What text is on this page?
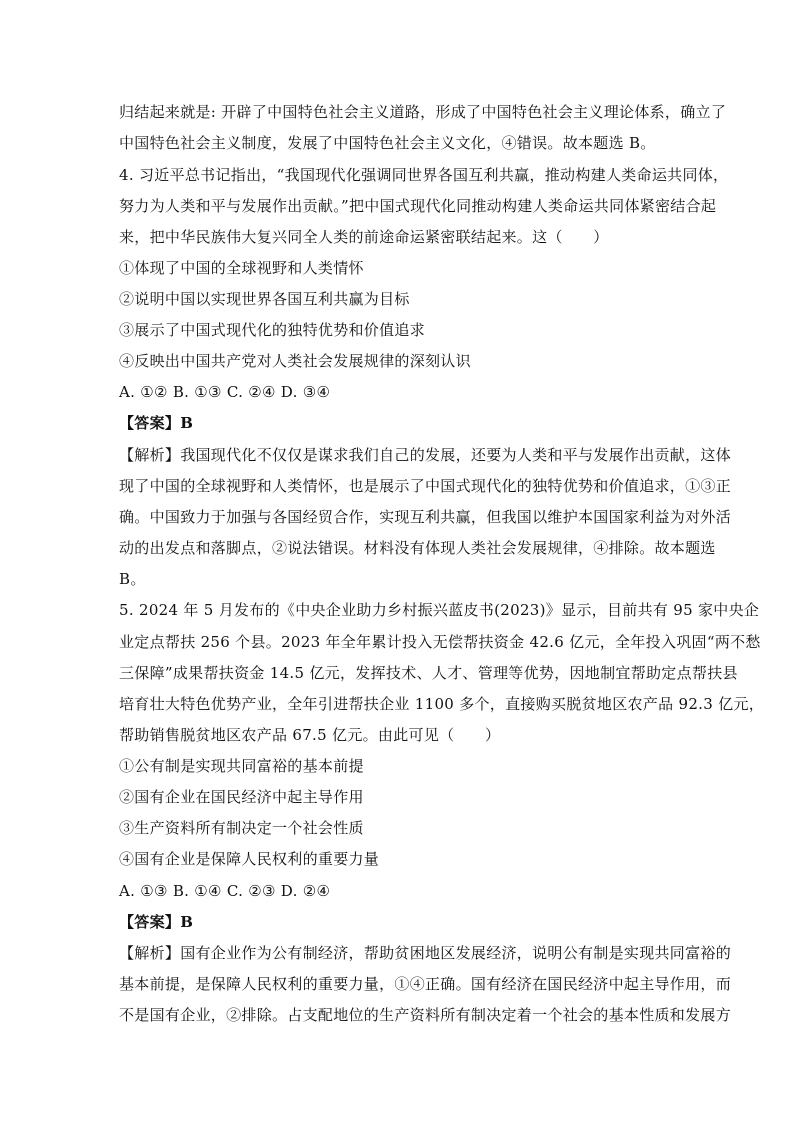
归结起来就是: 开辟了中国特色社会主义道路，形成了中国特色社会主义理论体系，确立了
中国特色社会主义制度，发展了中国特色社会主义文化，④错误。故本题选 B。
4. 习近平总书记指出，“我国现代化强调同世界各国互利共赢，推动构建人类命运共同体，
努力为人类和平与发展作出贡献。”把中国式现代化同推动构建人类命运共同体紧密结合起
来，把中华民族伟大复兴同全人类的前途命运紧密联结起来。这（　　）
①体现了中国的全球视野和人类情怀
②说明中国以实现世界各国互利共赢为目标
③展示了中国式现代化的独特优势和价值追求
④反映出中国共产党对人类社会发展规律的深刻认识
A. ①② B. ①③ C. ②④ D. ③④
【答案】B
【解析】我国现代化不仅仅是谋求我们自己的发展，还要为人类和平与发展作出贡献，这体
现了中国的全球视野和人类情怀，也是展示了中国式现代化的独特优势和价值追求，①③正
确。中国致力于加强与各国经贸合作，实现互利共赢，但我国以维护本国国家利益为对外活
动的出发点和落脚点，②说法错误。材料没有体现人类社会发展规律，④排除。故本题选
B。
5. 2024 年 5 月发布的《中央企业助力乡村振兴蓝皮书(2023)》显示，目前共有 95 家中央企
业定点帮扶 256 个县。2023 年全年累计投入无偿帮扶资金 42.6 亿元，全年投入巩固“两不愁
三保障”成果帮扶资金 14.5 亿元，发挥技术、人才、管理等优势，因地制宜帮助定点帮扶县
培育壮大特色优势产业，全年引进帮扶企业 1100 多个，直接购买脱贫地区农产品 92.3 亿元，
帮助销售脱贫地区农产品 67.5 亿元。由此可见（　　）
①公有制是实现共同富裕的基本前提
②国有企业在国民经济中起主导作用
③生产资料所有制决定一个社会性质
④国有企业是保障人民权利的重要力量
A. ①③ B. ①④ C. ②③ D. ②④
【答案】B
【解析】国有企业作为公有制经济，帮助贫困地区发展经济，说明公有制是实现共同富裕的
基本前提，是保障人民权利的重要力量，①④正确。国有经济在国民经济中起主导作用，而
不是国有企业，②排除。占支配地位的生产资料所有制决定着一个社会的基本性质和发展方
